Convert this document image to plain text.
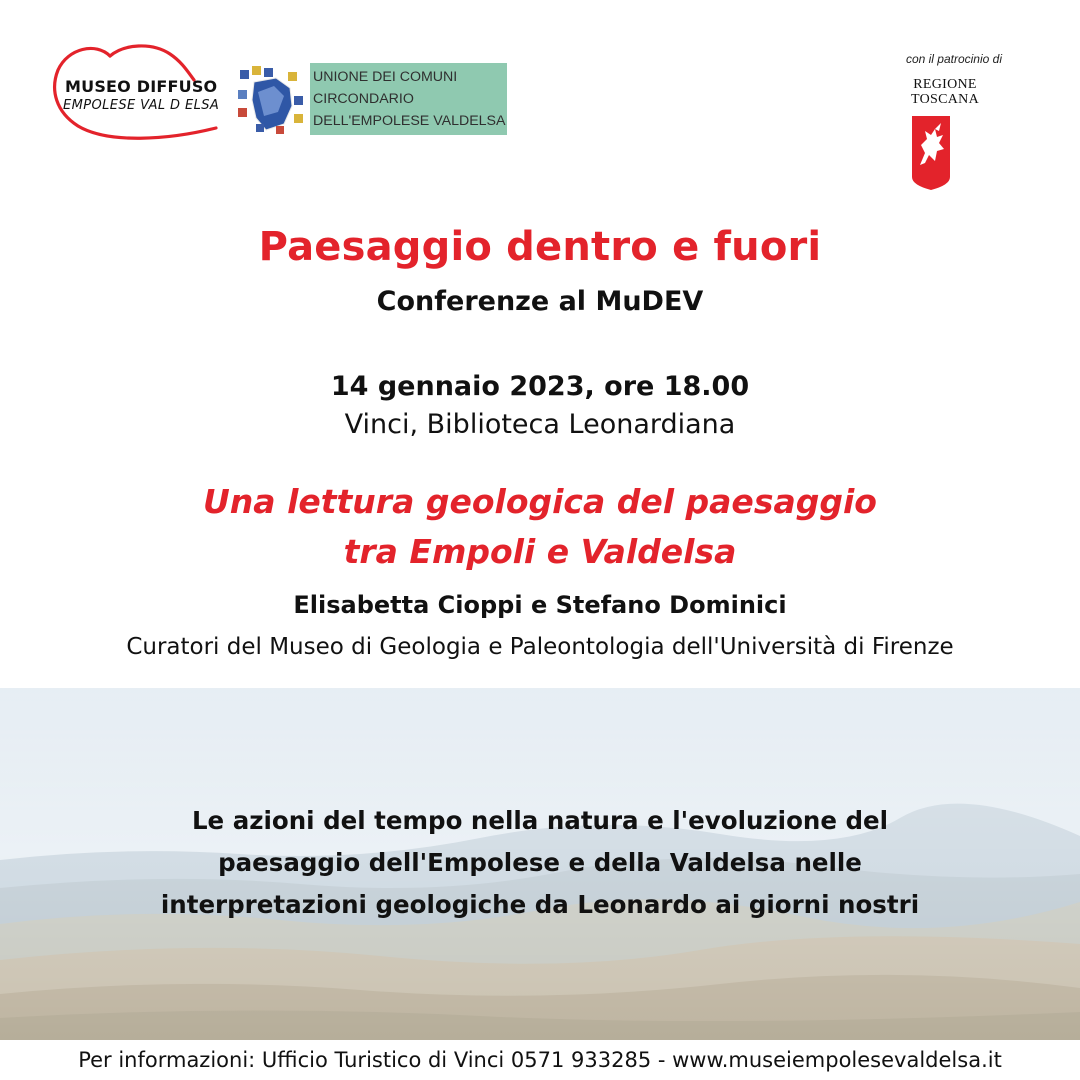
MUSEO DIFFUSO
EMPOLESE VAL D ELSA
UNIONE DEI COMUNI
CIRCONDARIO
DELL'EMPOLESE VALDELSA
con il patrocinio di
REGIONE
TOSCANA
Paesaggio dentro e fuori
Conferenze al MuDEV
14 gennaio 2023, ore 18.00
Vinci, Biblioteca Leonardiana
Una lettura geologica del paesaggio
tra Empoli e Valdelsa
Elisabetta Cioppi e Stefano Dominici
Curatori del Museo di Geologia e Paleontologia dell'Università di Firenze
Le azioni del tempo nella natura e l'evoluzione del
paesaggio dell'Empolese e della Valdelsa nelle
interpretazioni geologiche da Leonardo ai giorni nostri
Per informazioni: Ufficio Turistico di Vinci 0571 933285 - www.museiempolesevaldelsa.it
